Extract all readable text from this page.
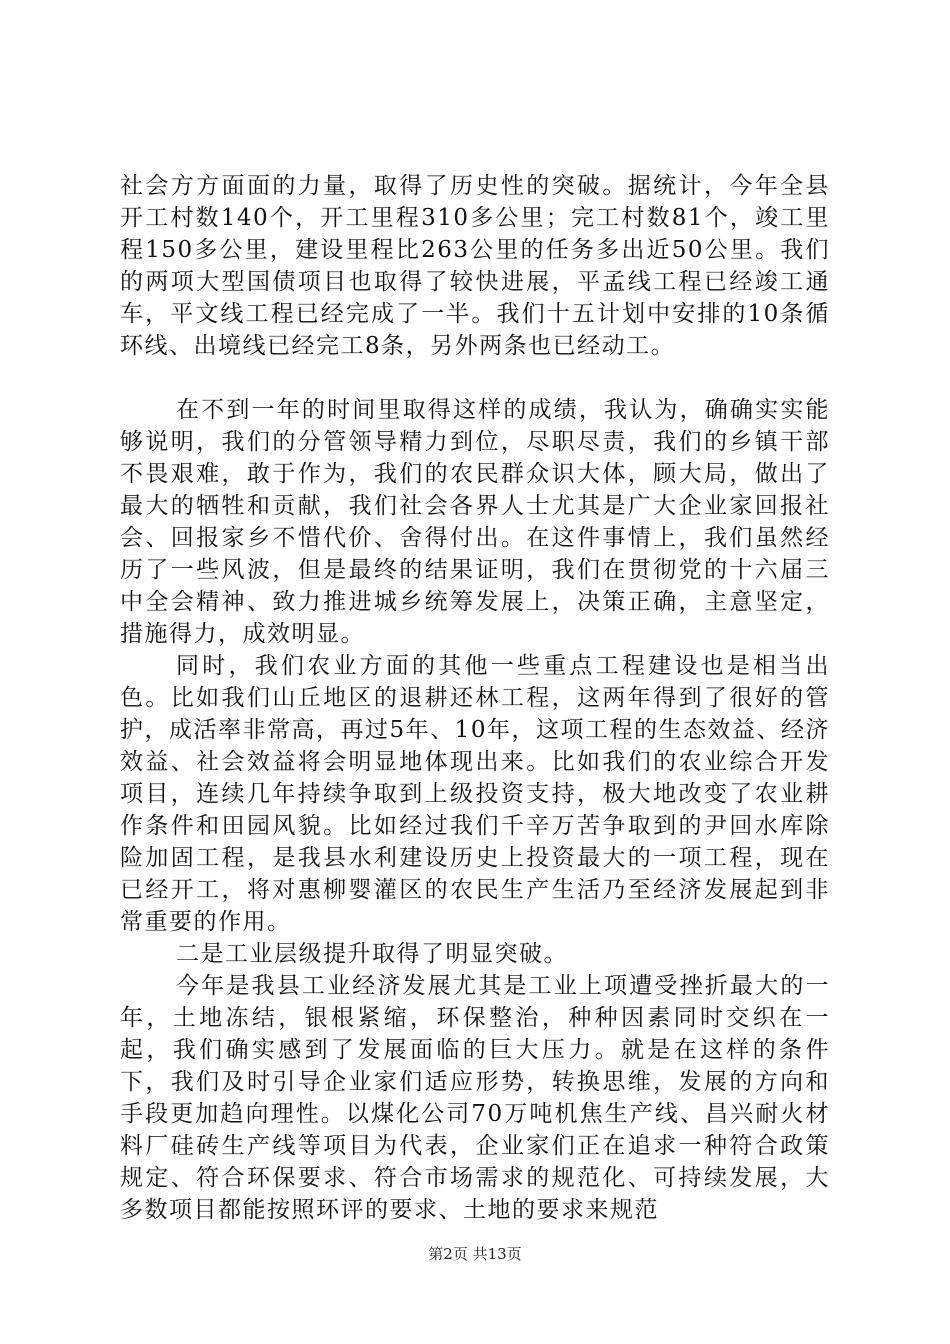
社会方方面面的力量，取得了历史性的突破。据统计，今年全县开工村数140个，开工里程310多公里；完工村数81个，竣工里程150多公里，建设里程比263公里的任务多出近50公里。我们的两项大型国债项目也取得了较快进展，平孟线工程已经竣工通车，平文线工程已经完成了一半。我们十五计划中安排的10条循环线、出境线已经完工8条，另外两条也已经动工。

在不到一年的时间里取得这样的成绩，我认为，确确实实能够说明，我们的分管领导精力到位，尽职尽责，我们的乡镇干部不畏艰难，敢于作为，我们的农民群众识大体，顾大局，做出了最大的牺牲和贡献，我们社会各界人士尤其是广大企业家回报社会、回报家乡不惜代价、舍得付出。在这件事情上，我们虽然经历了一些风波，但是最终的结果证明，我们在贯彻党的十六届三中全会精神、致力推进城乡统筹发展上，决策正确，主意坚定，措施得力，成效明显。

同时，我们农业方面的其他一些重点工程建设也是相当出色。比如我们山丘地区的退耕还林工程，这两年得到了很好的管护，成活率非常高，再过5年、10年，这项工程的生态效益、经济效益、社会效益将会明显地体现出来。比如我们的农业综合开发项目，连续几年持续争取到上级投资支持，极大地改变了农业耕作条件和田园风貌。比如经过我们千辛万苦争取到的尹回水库除险加固工程，是我县水利建设历史上投资最大的一项工程，现在已经开工，将对惠柳婴灌区的农民生产生活乃至经济发展起到非常重要的作用。

二是工业层级提升取得了明显突破。

今年是我县工业经济发展尤其是工业上项遭受挫折最大的一年，土地冻结，银根紧缩，环保整治，种种因素同时交织在一起，我们确实感到了发展面临的巨大压力。就是在这样的条件下，我们及时引导企业家们适应形势，转换思维，发展的方向和手段更加趋向理性。以煤化公司70万吨机焦生产线、昌兴耐火材料厂硅砖生产线等项目为代表，企业家们正在追求一种符合政策规定、符合环保要求、符合市场需求的规范化、可持续发展，大多数项目都能按照环评的要求、土地的要求来规范

第2页 共13页
